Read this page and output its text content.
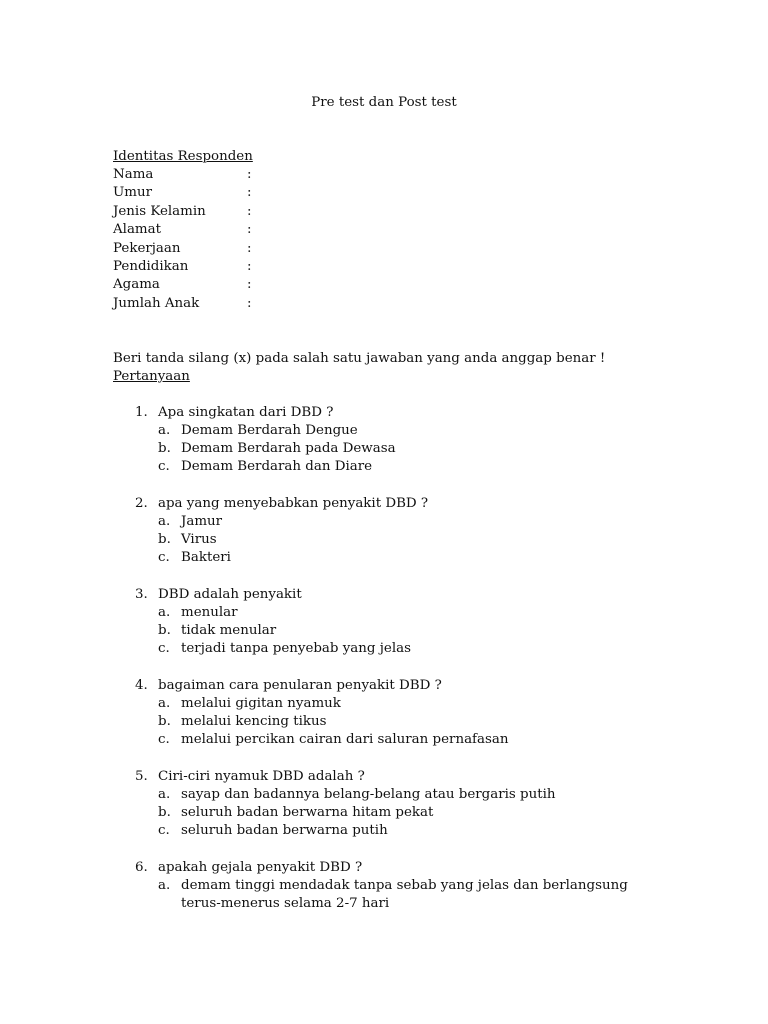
Pre test dan Post test
Identitas Responden
Nama	:
Umur	:
Jenis Kelamin	:
Alamat	:
Pekerjaan	:
Pendidikan	:
Agama	:
Jumlah Anak	:
Beri tanda silang (x) pada salah satu jawaban yang anda anggap benar !
Pertanyaan
1. Apa singkatan dari DBD ?
a. Demam Berdarah Dengue
b. Demam Berdarah pada Dewasa
c. Demam Berdarah dan Diare
2. apa yang menyebabkan penyakit DBD ?
a. Jamur
b. Virus
c. Bakteri
3. DBD adalah penyakit
a. menular
b. tidak menular
c. terjadi tanpa penyebab yang jelas
4. bagaiman cara penularan penyakit DBD ?
a. melalui gigitan nyamuk
b. melalui kencing tikus
c. melalui percikan cairan dari saluran pernafasan
5. Ciri-ciri nyamuk DBD adalah ?
a. sayap dan badannya belang-belang atau bergaris putih
b. seluruh badan berwarna hitam pekat
c. seluruh badan berwarna putih
6. apakah gejala penyakit DBD ?
a. demam tinggi mendadak tanpa sebab yang jelas dan berlangsung terus-menerus selama 2-7 hari
